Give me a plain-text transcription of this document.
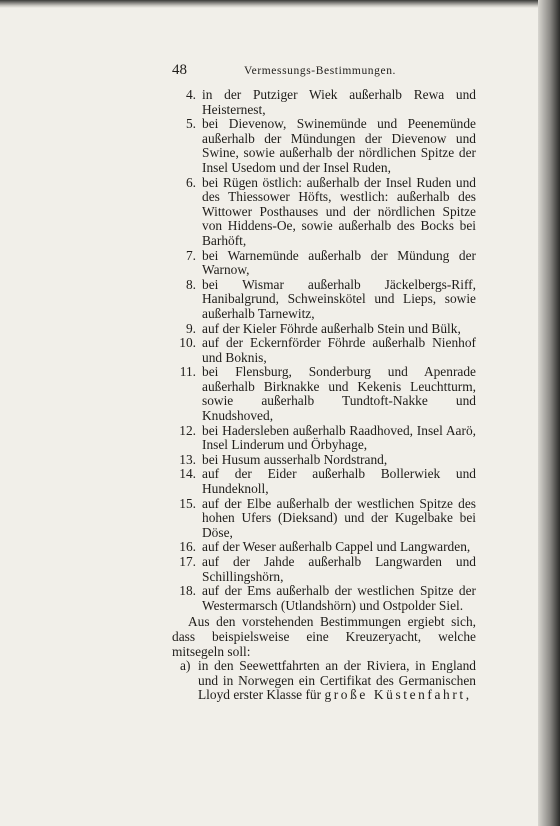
48	Vermessungs-Bestimmungen.
4. in der Putziger Wiek außerhalb Rewa und Heisternest,
5. bei Dievenow, Swinemünde und Peenemünde außerhalb der Mündungen der Dievenow und Swine, sowie außerhalb der nördlichen Spitze der Insel Usedom und der Insel Ruden,
6. bei Rügen östlich: außerhalb der Insel Ruden und des Thiessower Höfts, westlich: außerhalb des Wittower Posthauses und der nördlichen Spitze von Hiddens-Oe, sowie außerhalb des Bocks bei Barhöft,
7. bei Warnemünde außerhalb der Mündung der Warnow,
8. bei Wismar außerhalb Jäckelbergs-Riff, Hanibalgrund, Schweinskötel und Lieps, sowie außerhalb Tarnewitz,
9. auf der Kieler Föhrde außerhalb Stein und Bülk,
10. auf der Eckernförder Föhrde außerhalb Nienhof und Boknis,
11. bei Flensburg, Sonderburg und Apenrade außerhalb Birknakke und Kekenis Leuchtturm, sowie außerhalb Tundtoft-Nakke und Knudshoved,
12. bei Hadersleben außerhalb Raadhoved, Insel Aarö, Insel Linderum und Örbyhage,
13. bei Husum ausserhalb Nordstrand,
14. auf der Eider außerhalb Bollerwiek und Hundeknoll,
15. auf der Elbe außerhalb der westlichen Spitze des hohen Ufers (Dieksand) und der Kugelbake bei Döse,
16. auf der Weser außerhalb Cappel und Langwarden,
17. auf der Jahde außerhalb Langwarden und Schillingshörn,
18. auf der Ems außerhalb der westlichen Spitze der Westermarsch (Utlandshörn) und Ostpolder Siel.
Aus den vorstehenden Bestimmungen ergiebt sich, dass beispielsweise eine Kreuzeryacht, welche mitsegeln soll:
a) in den Seewettfahrten an der Riviera, in England und in Norwegen ein Certifikat des Germanischen Lloyd erster Klasse für große Küstenfahrt,
